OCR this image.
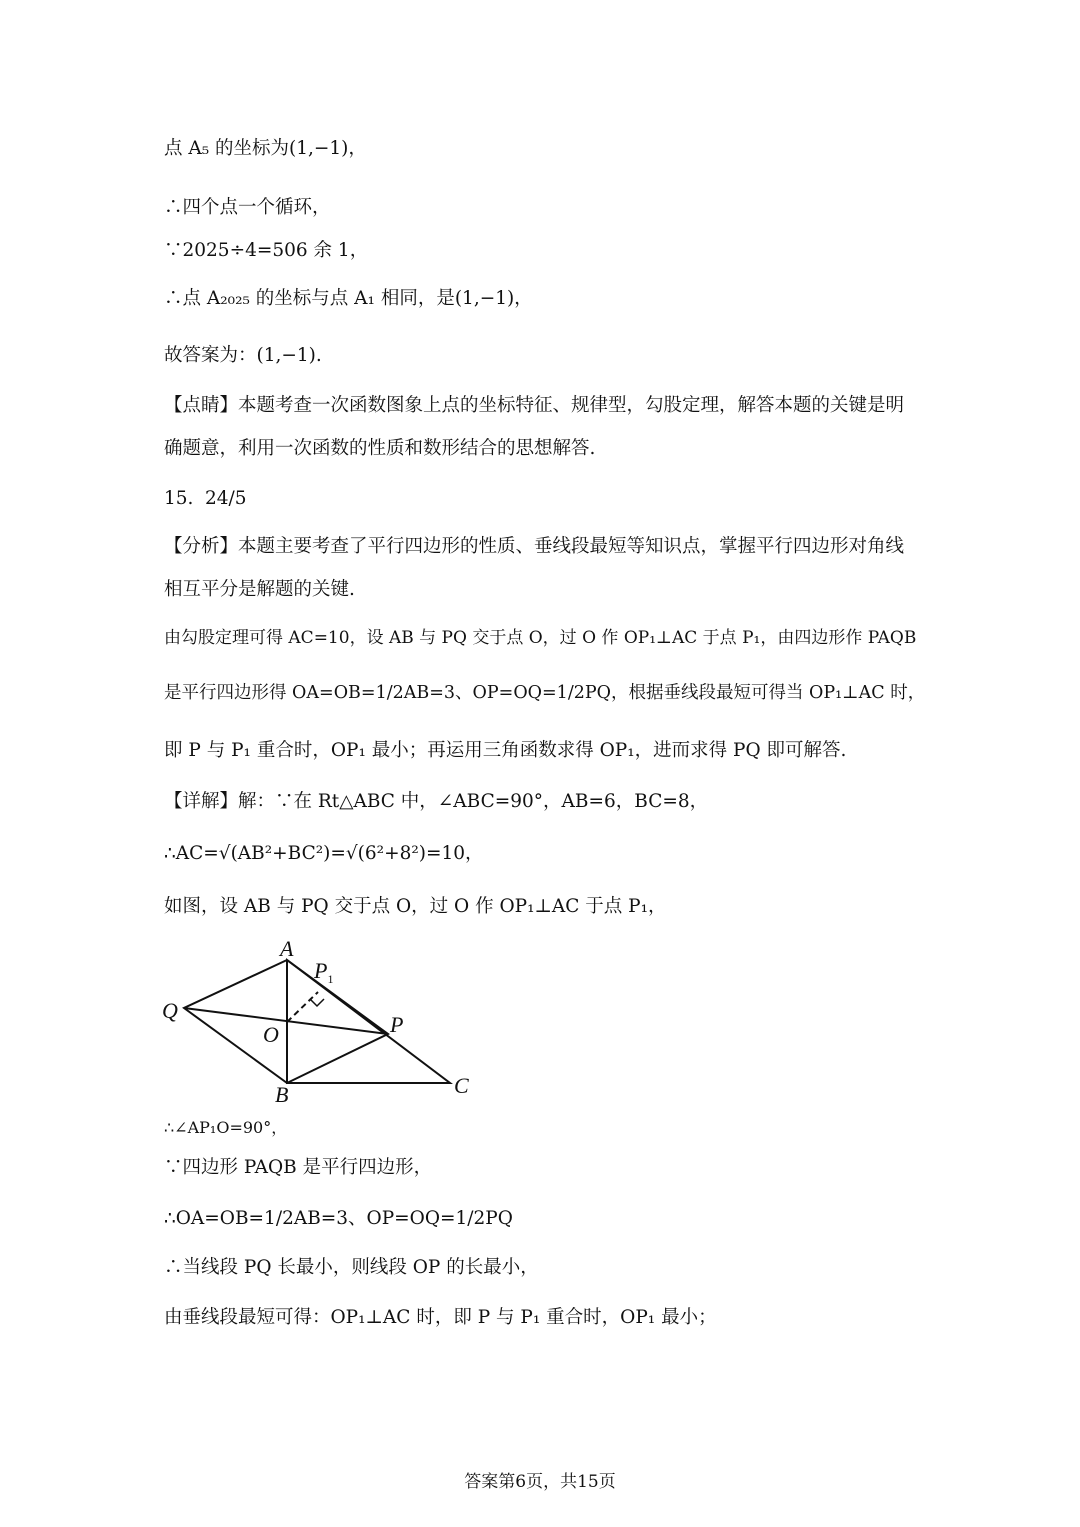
点 A₅ 的坐标为(1,−1)，
∴四个点一个循环，
∵2025÷4=506 余 1，
∴点 A₂₀₂₅ 的坐标与点 A₁ 相同，是(1,−1)，
故答案为：(1,−1).
【点睛】本题考查一次函数图象上点的坐标特征、规律型，勾股定理，解答本题的关键是明
确题意，利用一次函数的性质和数形结合的思想解答.
15. 24/5
【分析】本题主要考查了平行四边形的性质、垂线段最短等知识点，掌握平行四边形对角线
相互平分是解题的关键.
由勾股定理可得 AC=10，设 AB 与 PQ 交于点 O，过 O 作 OP₁⊥AC 于点 P₁，由四边形作 PAQB
是平行四边形得 OA=OB=1/2AB=3、OP=OQ=1/2PQ，根据垂线段最短可得当 OP₁⊥AC 时，
即 P 与 P₁ 重合时，OP₁ 最小；再运用三角函数求得 OP₁，进而求得 PQ 即可解答.
【详解】解：∵在 Rt△ABC 中，∠ABC=90°，AB=6，BC=8，
∴AC=√(AB²+BC²)=√(6²+8²)=10，
如图，设 AB 与 PQ 交于点 O，过 O 作 OP₁⊥AC 于点 P₁，
A
$P_1$
Q
O	P
B	C
∴∠AP₁O=90°，
∵四边形 PAQB 是平行四边形，
∴OA=OB=1/2AB=3、OP=OQ=1/2PQ
∴当线段 PQ 长最小，则线段 OP 的长最小，
由垂线段最短可得：OP₁⊥AC 时，即 P 与 P₁ 重合时，OP₁ 最小；
答案第6页，共15页
